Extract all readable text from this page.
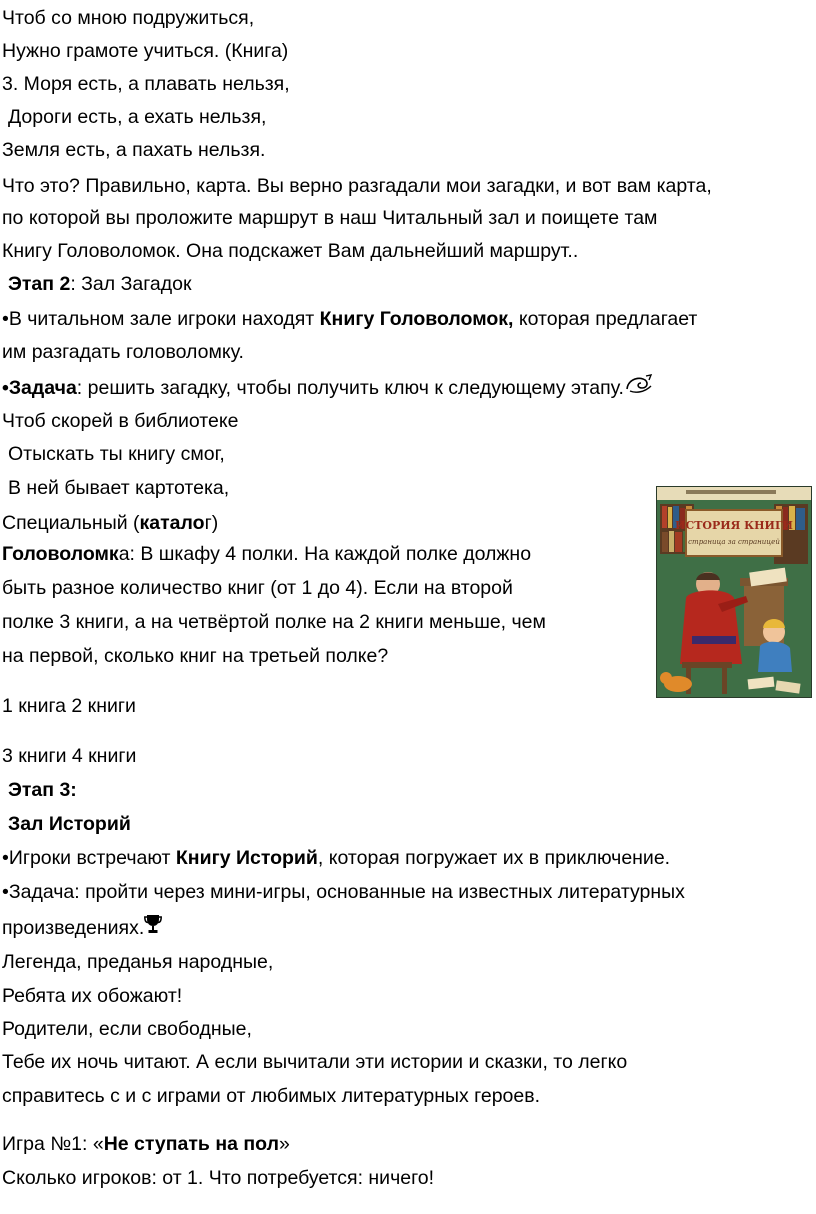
Чтоб со мною подружиться,
Нужно грамоте учиться. (Книга)
3. Моря есть, а плавать нельзя,
Дороги есть, а ехать нельзя,
Земля есть, а пахать нельзя.
Что это? Правильно, карта. Вы верно разгадали мои загадки, и вот вам карта,
по которой вы проложите маршрут в наш Читальный зал и поищете там
Книгу Головоломок. Она подскажет Вам дальнейший маршрут..
Этап 2: Зал Загадок
•В читальном зале игроки находят Книгу Головоломок, которая предлагает
им разгадать головоломку.
•Задача: решить загадку, чтобы получить ключ к следующему этапу.
Чтоб скорей в библиотеке
Отыскать ты книгу смог,
В ней бывает картотека,
Специальный (каталог)
Головоломка: В шкафу 4 полки. На каждой полке должно
быть разное количество книг (от 1 до 4). Если на второй
полке 3 книги, а на четвёртой полке на 2 книги меньше, чем
на первой, сколько книг на третьей полке?
1 книга 2 книги
3 книги 4 книги
Этап 3:
Зал Историй
•Игроки встречают Книгу Историй, которая погружает их в приключение.
•Задача: пройти через мини-игры, основанные на известных литературных
произведениях.
Легенда, преданья народные,
Ребята их обожают!
Родители, если свободные,
Тебе их ночь читают. А если вычитали эти истории и сказки, то легко
справитесь с и с играми от любимых литературных героев.
Игра №1: «Не ступать на пол»
Сколько игроков: от 1. Что потребуется: ничего!
ИСТОРИЯ КНИГИ
страница за страницей
